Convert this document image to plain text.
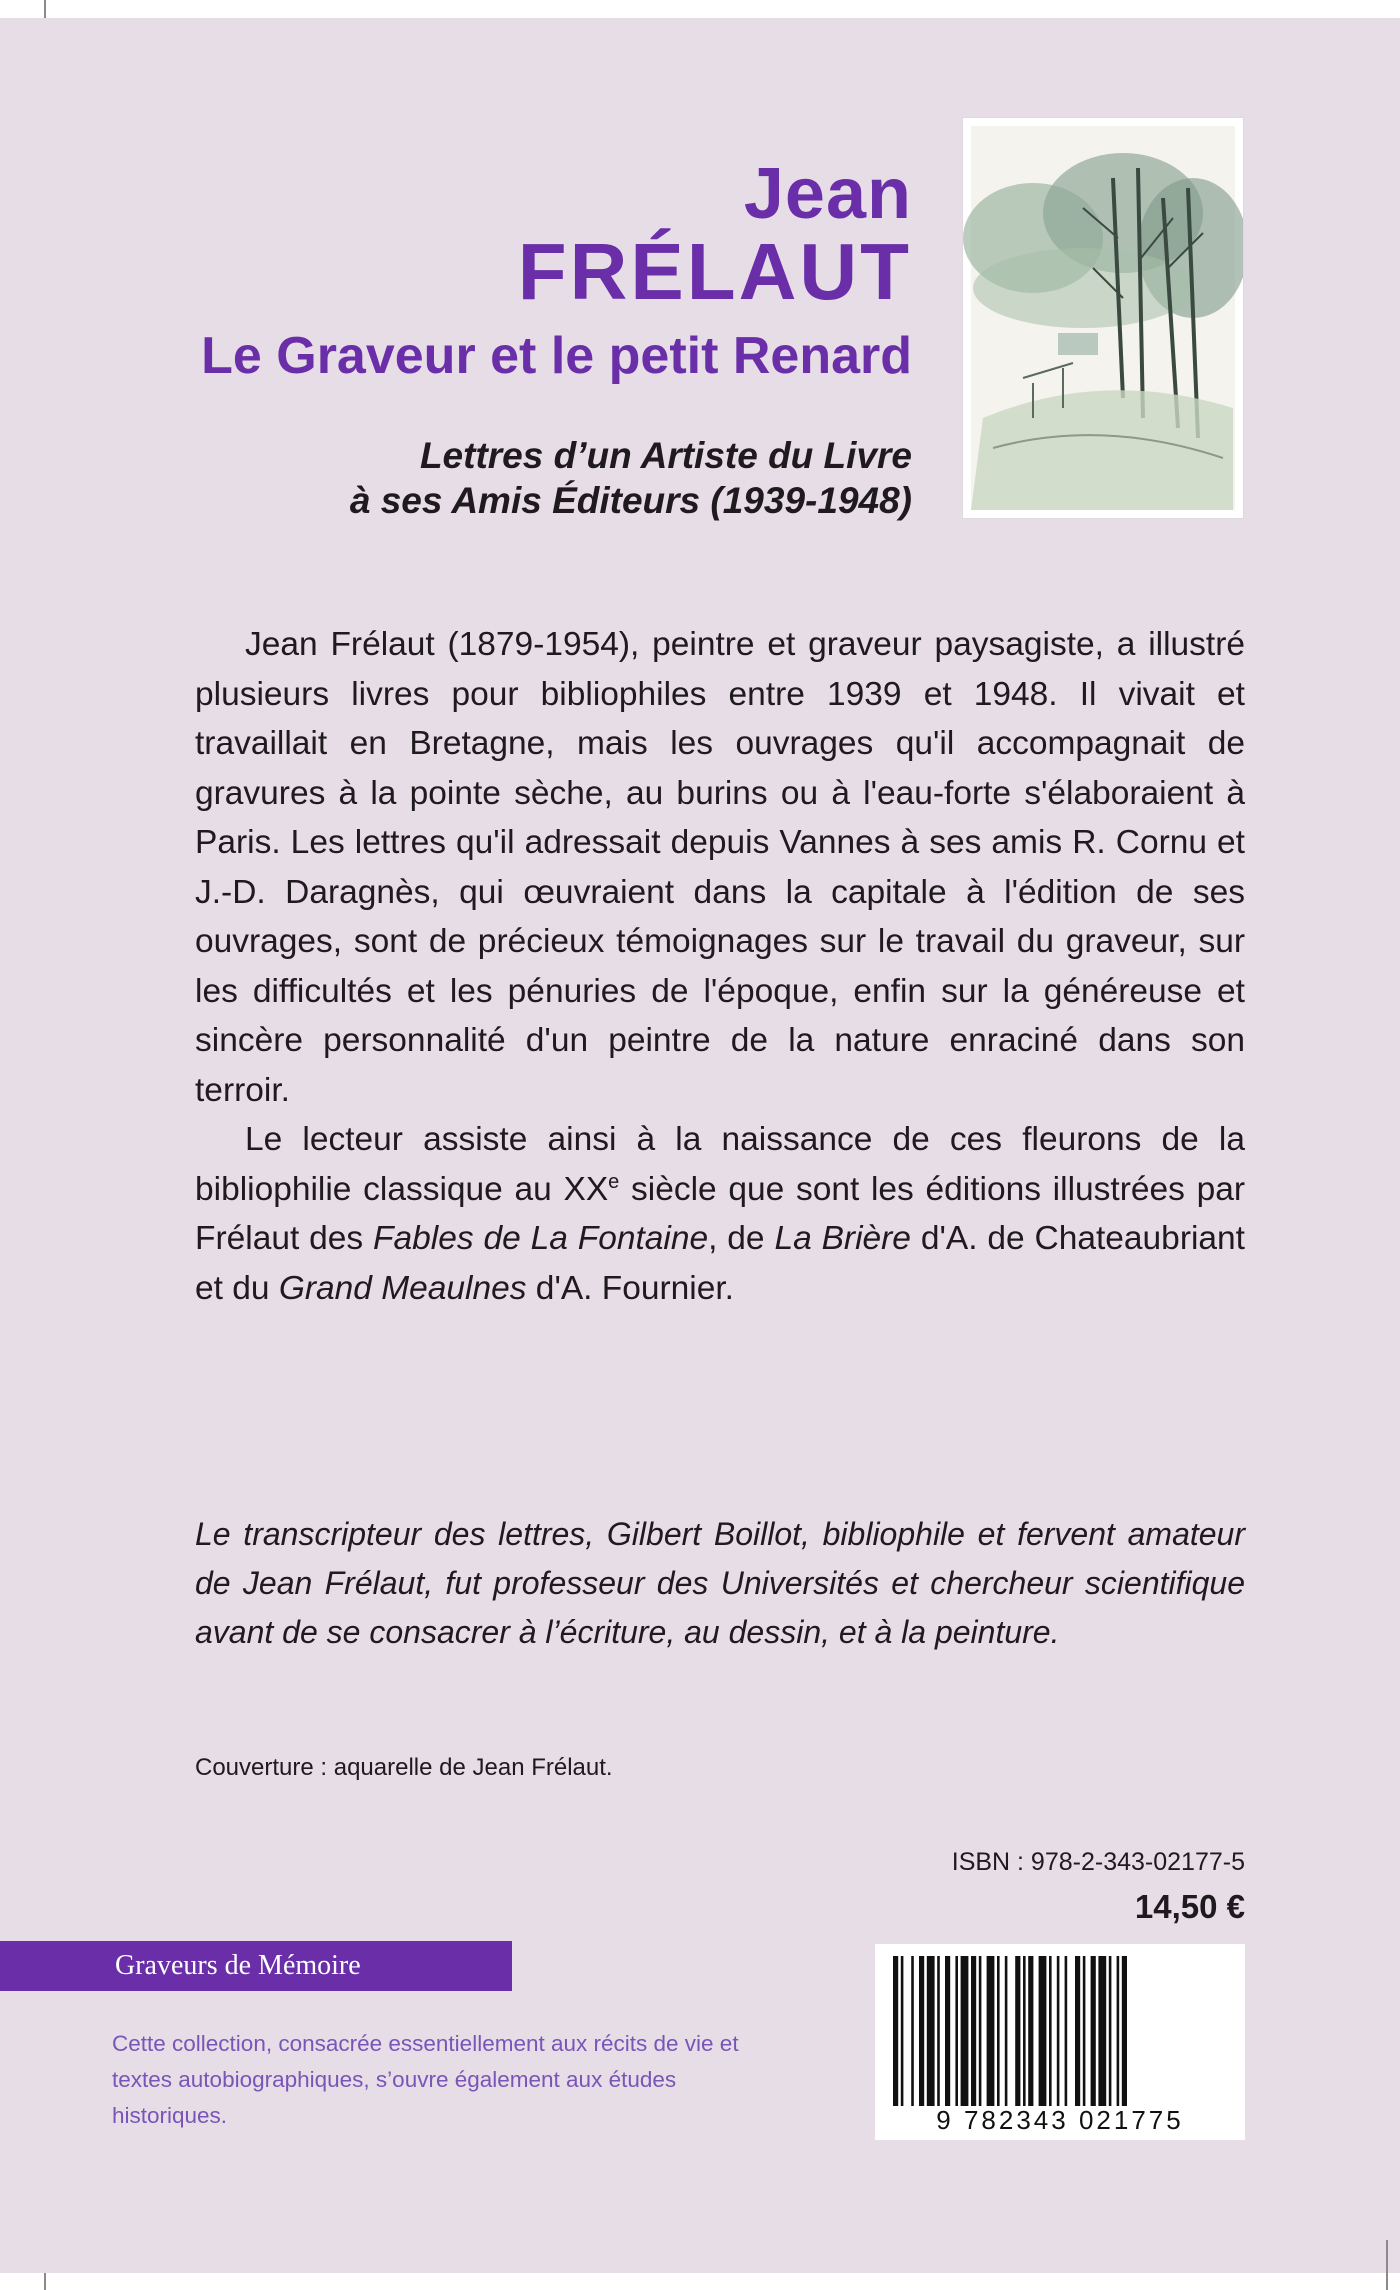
Jean
FRÉLAUT
Le Graveur et le petit Renard
Lettres d’un Artiste du Livre
à ses Amis Éditeurs (1939-1948)

Jean Frélaut (1879-1954), peintre et graveur paysagiste, a illustré plusieurs livres pour bibliophiles entre 1939 et 1948. Il vivait et travaillait en Bretagne, mais les ouvrages qu'il accompagnait de gravures à la pointe sèche, au burins ou à l'eau-forte s'élaboraient à Paris. Les lettres qu'il adressait depuis Vannes à ses amis R. Cornu et J.-D. Daragnès, qui œuvraient dans la capitale à l'édition de ses ouvrages, sont de précieux témoignages sur le travail du graveur, sur les difficultés et les pénuries de l'époque, enfin sur la généreuse et sincère personnalité d'un peintre de la nature enraciné dans son terroir.

Le lecteur assiste ainsi à la naissance de ces fleurons de la bibliophilie classique au XXe siècle que sont les éditions illustrées par Frélaut des Fables de La Fontaine, de La Brière d'A. de Chateaubriant et du Grand Meaulnes d'A. Fournier.

Le transcripteur des lettres, Gilbert Boillot, bibliophile et fervent amateur de Jean Frélaut, fut professeur des Universités et chercheur scientifique avant de se consacrer à l’écriture, au dessin, et à la peinture.
Couverture : aquarelle de Jean Frélaut.
ISBN : 978-2-343-02177-5
14,50 €
9 782343 021775
Graveurs de Mémoire
Cette collection, consacrée essentiellement aux récits de vie et textes autobiographiques, s’ouvre également aux études historiques.
